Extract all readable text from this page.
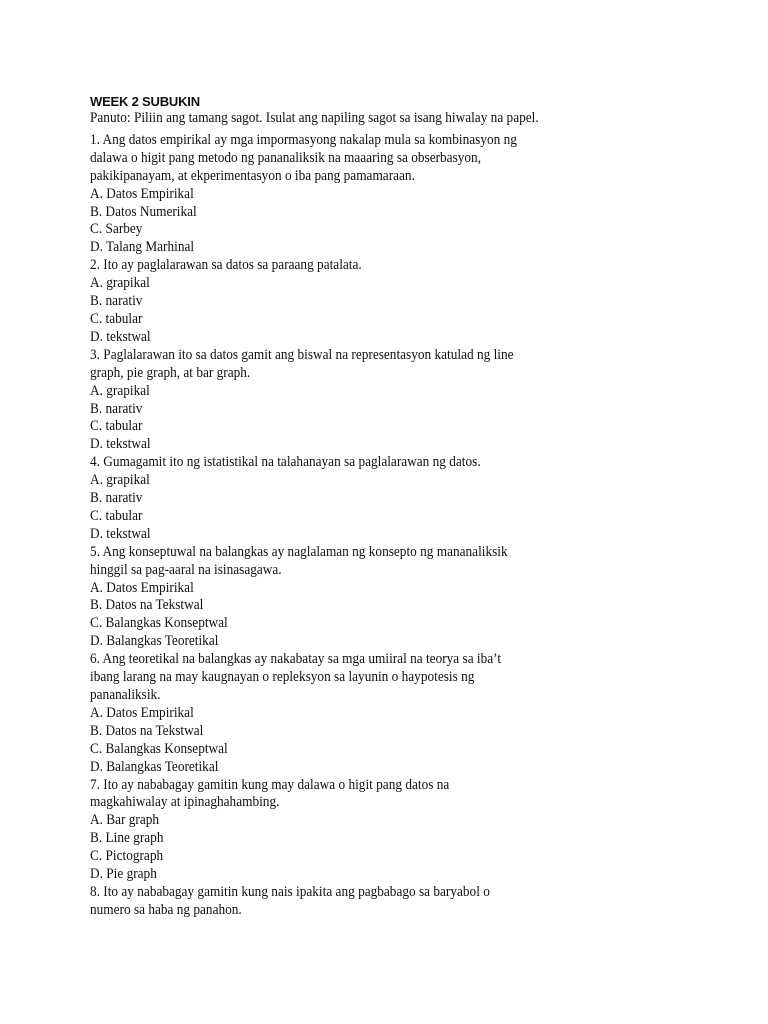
WEEK 2 SUBUKIN
Panuto: Piliin ang tamang sagot. Isulat ang napiling sagot sa isang hiwalay na papel.
1. Ang datos empirikal ay mga impormasyong nakalap mula sa kombinasyon ng
dalawa o higit pang metodo ng pananaliksik na maaaring sa obserbasyon,
pakikipanayam, at ekperimentasyon o iba pang pamamaraan.
A. Datos Empirikal
B. Datos Numerikal
C. Sarbey
D. Talang Marhinal
2. Ito ay paglalarawan sa datos sa paraang patalata.
A. grapikal
B. narativ
C. tabular
D. tekstwal
3. Paglalarawan ito sa datos gamit ang biswal na representasyon katulad ng line
graph, pie graph, at bar graph.
A. grapikal
B. narativ
C. tabular
D. tekstwal
4. Gumagamit ito ng istatistikal na talahanayan sa paglalarawan ng datos.
A. grapikal
B. narativ
C. tabular
D. tekstwal
5. Ang konseptuwal na balangkas ay naglalaman ng konsepto ng mananaliksik
hinggil sa pag-aaral na isinasagawa.
A. Datos Empirikal
B. Datos na Tekstwal
C. Balangkas Konseptwal
D. Balangkas Teoretikal
6. Ang teoretikal na balangkas ay nakabatay sa mga umiiral na teorya sa iba’t
ibang larang na may kaugnayan o repleksyon sa layunin o haypotesis ng
pananaliksik.
A. Datos Empirikal
B. Datos na Tekstwal
C. Balangkas Konseptwal
D. Balangkas Teoretikal
7. Ito ay nababagay gamitin kung may dalawa o higit pang datos na
magkahiwalay at ipinaghahambing.
A. Bar graph
B. Line graph
C. Pictograph
D. Pie graph
8. Ito ay nababagay gamitin kung nais ipakita ang pagbabago sa baryabol o
numero sa haba ng panahon.
